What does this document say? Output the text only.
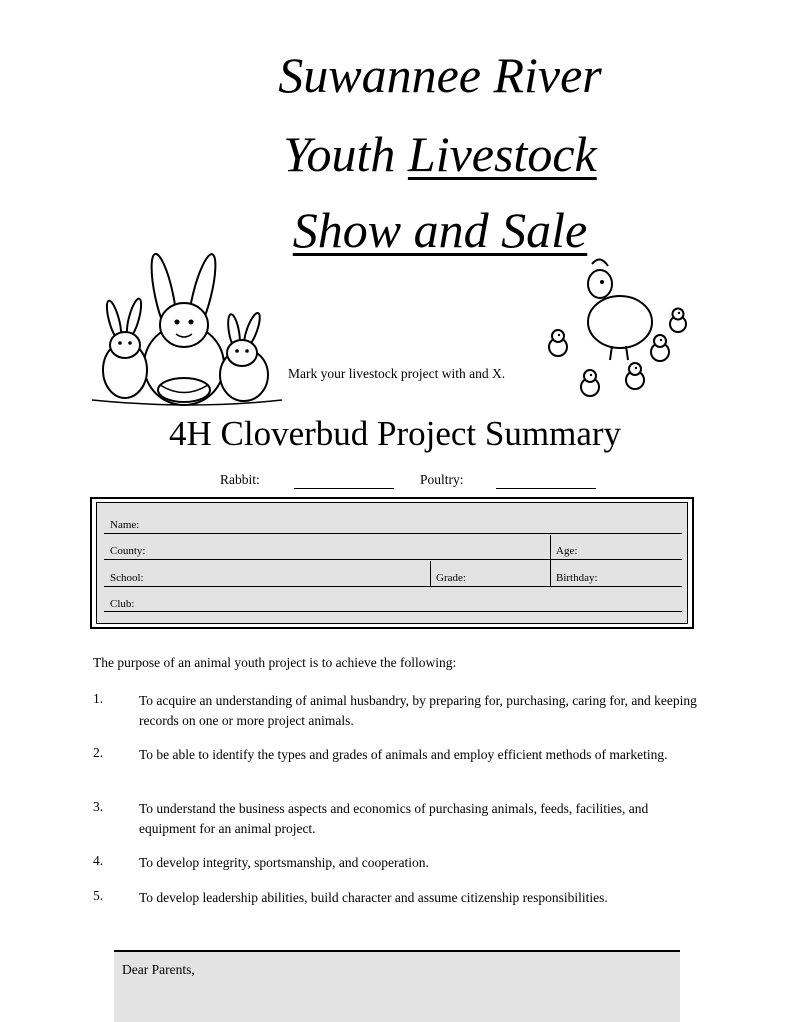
Suwannee River
Youth Livestock
Show and Sale
Mark your livestock project with and X.
4H Cloverbud Project Summary
Rabbit:	Poultry:
Name:
County:	Age:
School:	Grade:	Birthday:
Club:
The purpose of an animal youth project is to achieve the following:
1.	To acquire an understanding of animal husbandry, by preparing for, purchasing, caring for, and keeping records on one or more project animals.
2.	To be able to identify the types and grades of animals and employ efficient methods of marketing.
3.	To understand the business aspects and economics of purchasing animals, feeds, facilities, and equipment for an animal project.
4.	To develop integrity, sportsmanship, and cooperation.
5.	To develop leadership abilities, build character and assume citizenship responsibilities.
Dear Parents,
